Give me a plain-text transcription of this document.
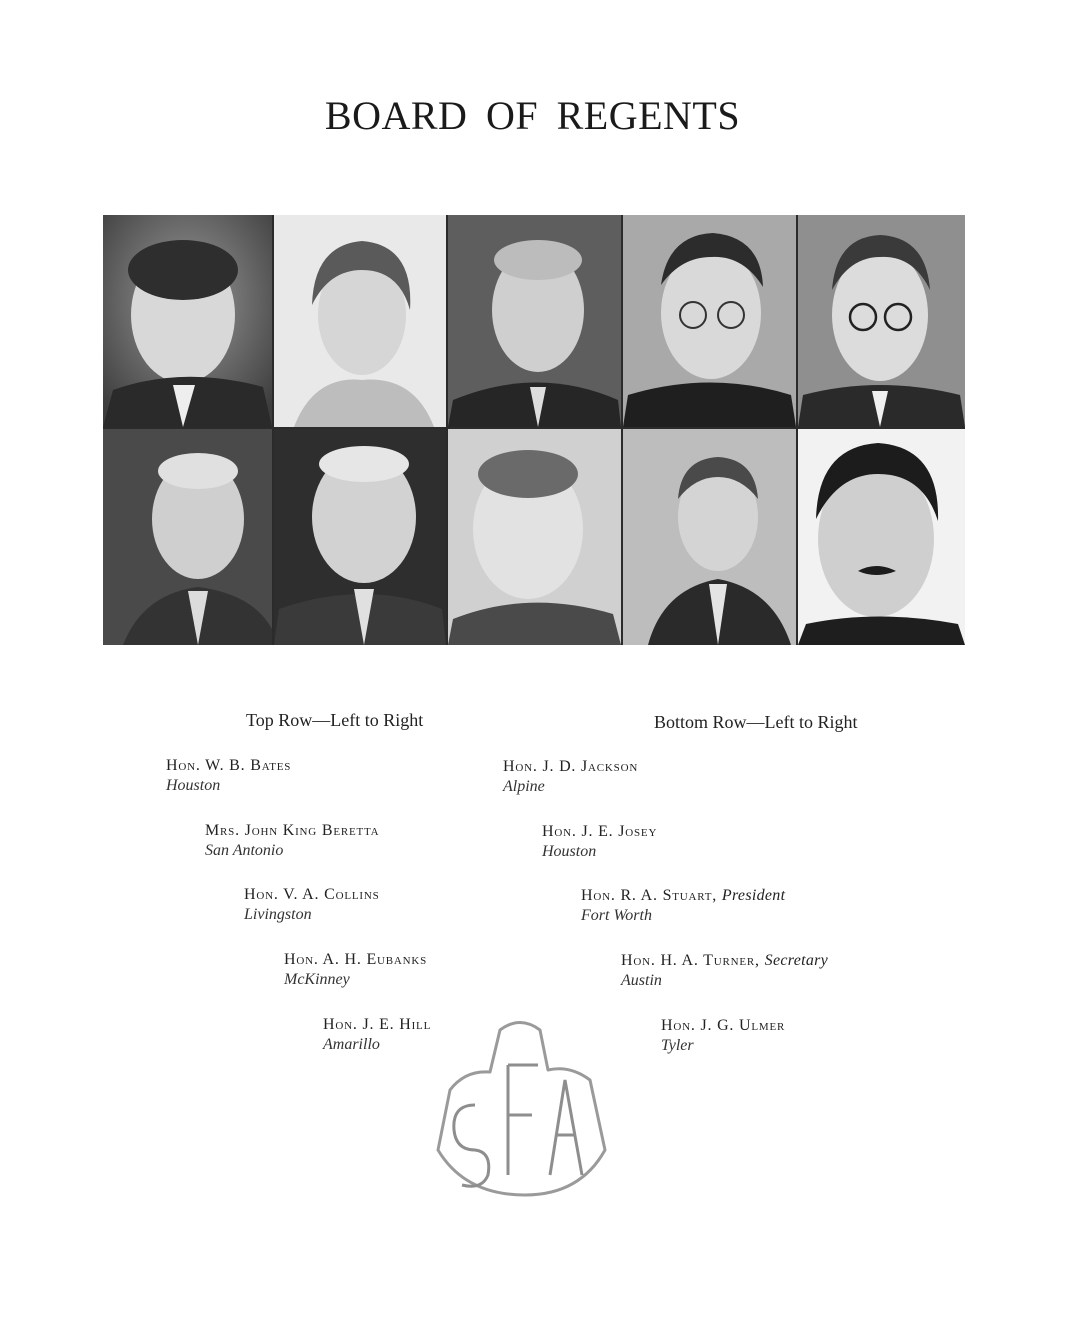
BOARD OF REGENTS
Top Row—Left to Right	Bottom Row—Left to Right
Hon. W. B. Bates
Houston
Mrs. John King Beretta
San Antonio
Hon. V. A. Collins
Livingston
Hon. A. H. Eubanks
McKinney
Hon. J. E. Hill
Amarillo
Hon. J. D. Jackson
Alpine
Hon. J. E. Josey
Houston
Hon. R. A. Stuart, President
Fort Worth
Hon. H. A. Turner, Secretary
Austin
Hon. J. G. Ulmer
Tyler
